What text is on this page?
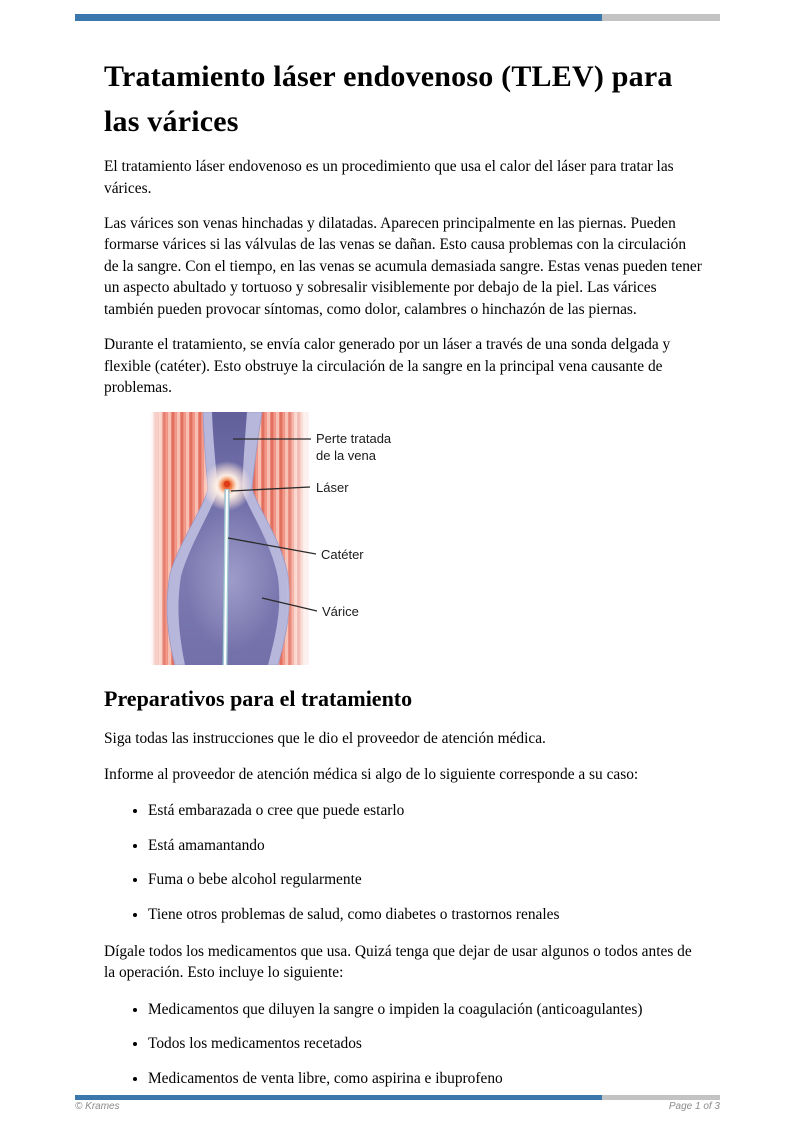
Tratamiento láser endovenoso (TLEV) para las várices

El tratamiento láser endovenoso es un procedimiento que usa el calor del láser para tratar las várices.

Las várices son venas hinchadas y dilatadas. Aparecen principalmente en las piernas. Pueden formarse várices si las válvulas de las venas se dañan. Esto causa problemas con la circulación de la sangre. Con el tiempo, en las venas se acumula demasiada sangre. Estas venas pueden tener un aspecto abultado y tortuoso y sobresalir visiblemente por debajo de la piel. Las várices también pueden provocar síntomas, como dolor, calambres o hinchazón de las piernas.

Durante el tratamiento, se envía calor generado por un láser a través de una sonda delgada y flexible (catéter). Esto obstruye la circulación de la sangre en la principal vena causante de problemas.

Perte tratada
de la vena
Láser
Catéter
Várice
Preparativos para el tratamiento

Siga todas las instrucciones que le dio el proveedor de atención médica.

Informe al proveedor de atención médica si algo de lo siguiente corresponde a su caso:

• Está embarazada o cree que puede estarlo
• Está amamantando
• Fuma o bebe alcohol regularmente
• Tiene otros problemas de salud, como diabetes o trastornos renales

Dígale todos los medicamentos que usa. Quizá tenga que dejar de usar algunos o todos antes de la operación. Esto incluye lo siguiente:

• Medicamentos que diluyen la sangre o impiden la coagulación (anticoagulantes)
• Todos los medicamentos recetados
• Medicamentos de venta libre, como aspirina e ibuprofeno
© Krames	Page 1 of 3
